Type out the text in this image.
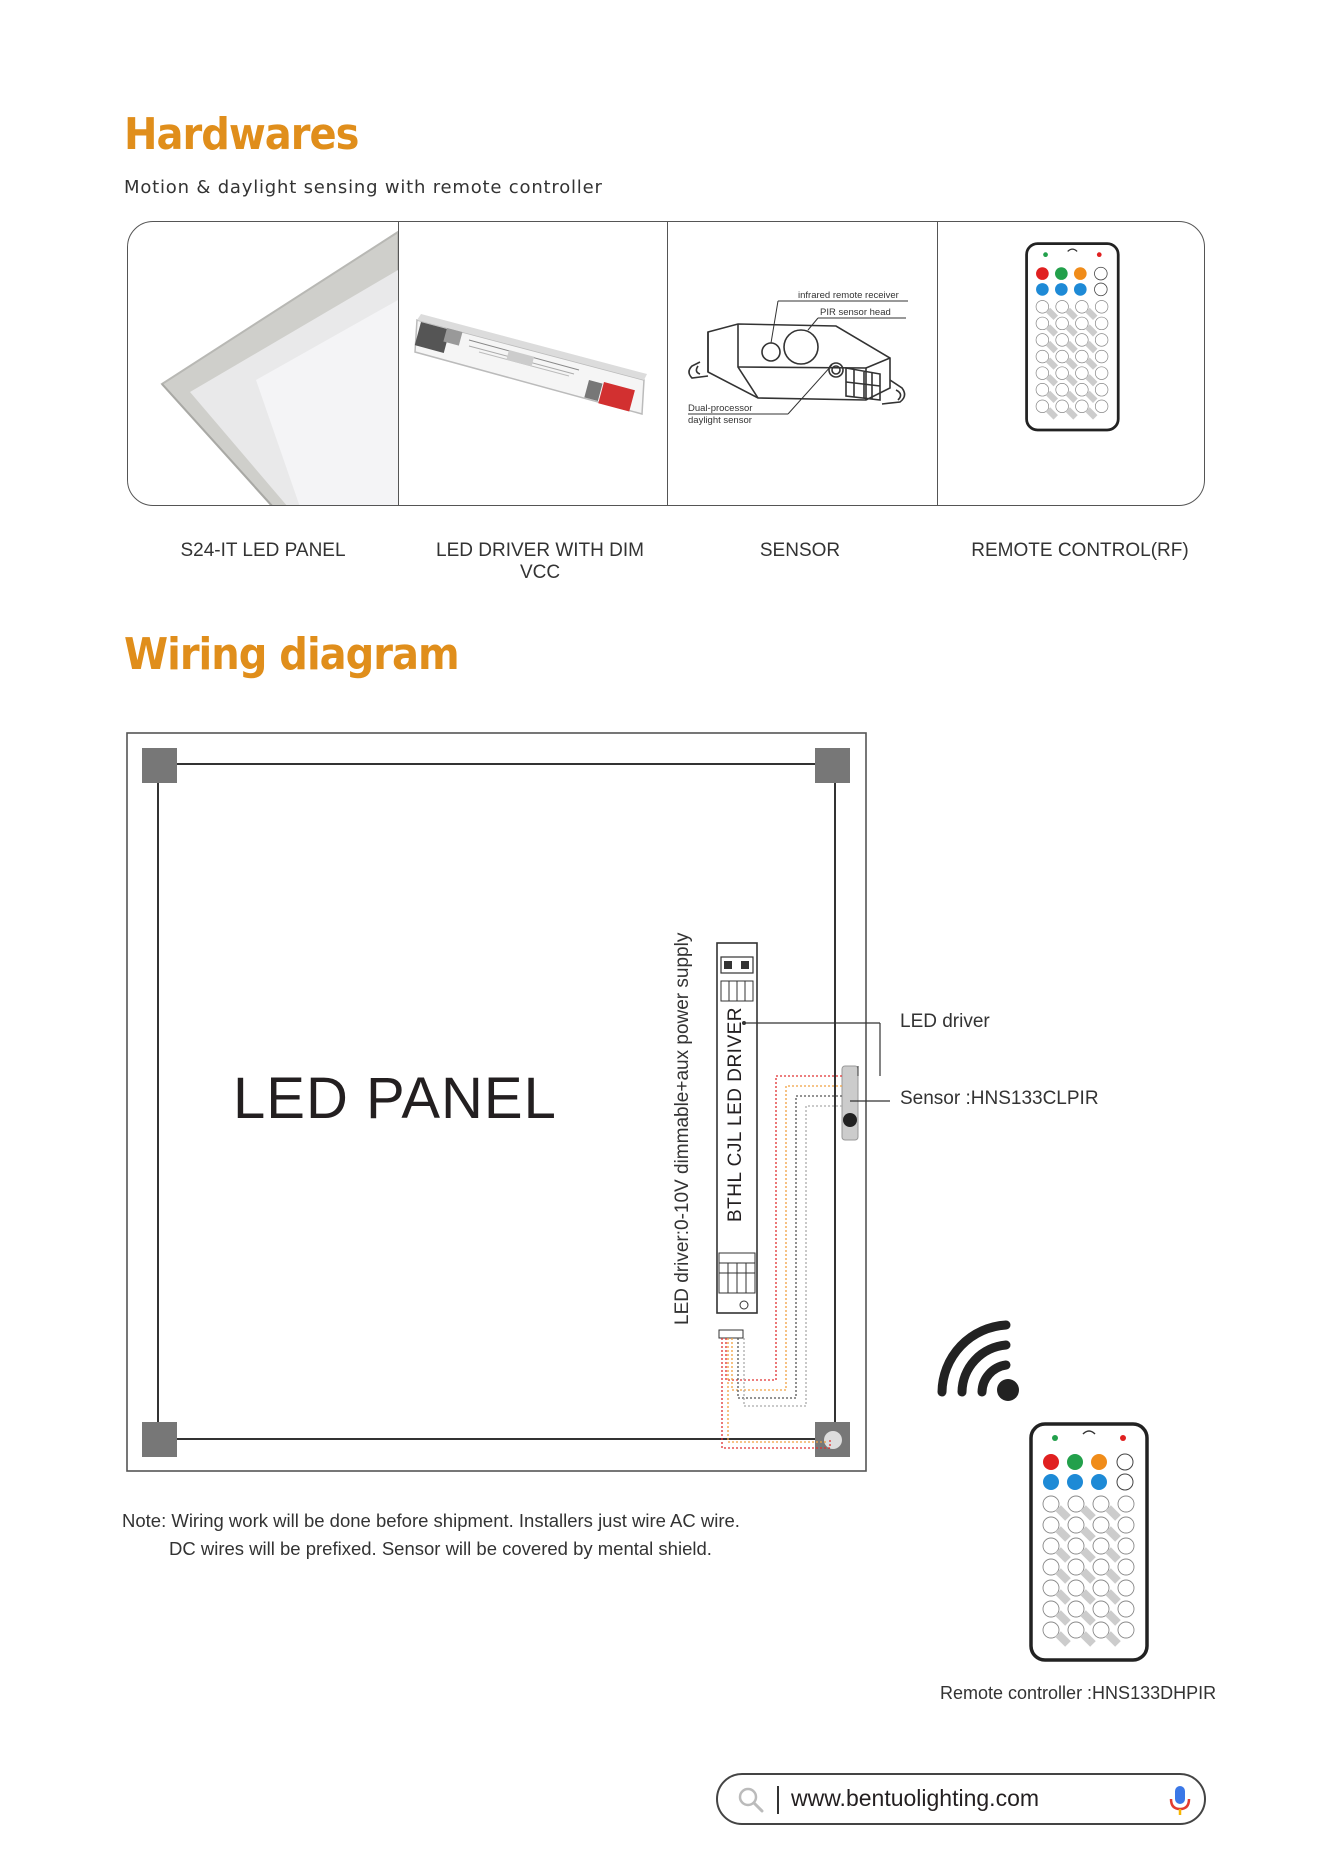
Hardwares
Motion & daylight sensing with remote controller
infrared remote receiver
PIR sensor head
Dual-processor
daylight sensor
S24-IT LED PANEL	LED DRIVER WITH DIM VCC
SENSOR	REMOTE CONTROL(RF)
Wiring diagram
LED PANEL	LED driver:0-10V dimmable+aux power supply BTHL CJL LED DRIVER	LED driver
Sensor :HNS133CLPIR
Remote controller :HNS133DHPIR
Note: Wiring work will be done before shipment. Installers just wire AC wire.
DC wires will be prefixed. Sensor will be covered by mental shield.
www.bentuolighting.com
